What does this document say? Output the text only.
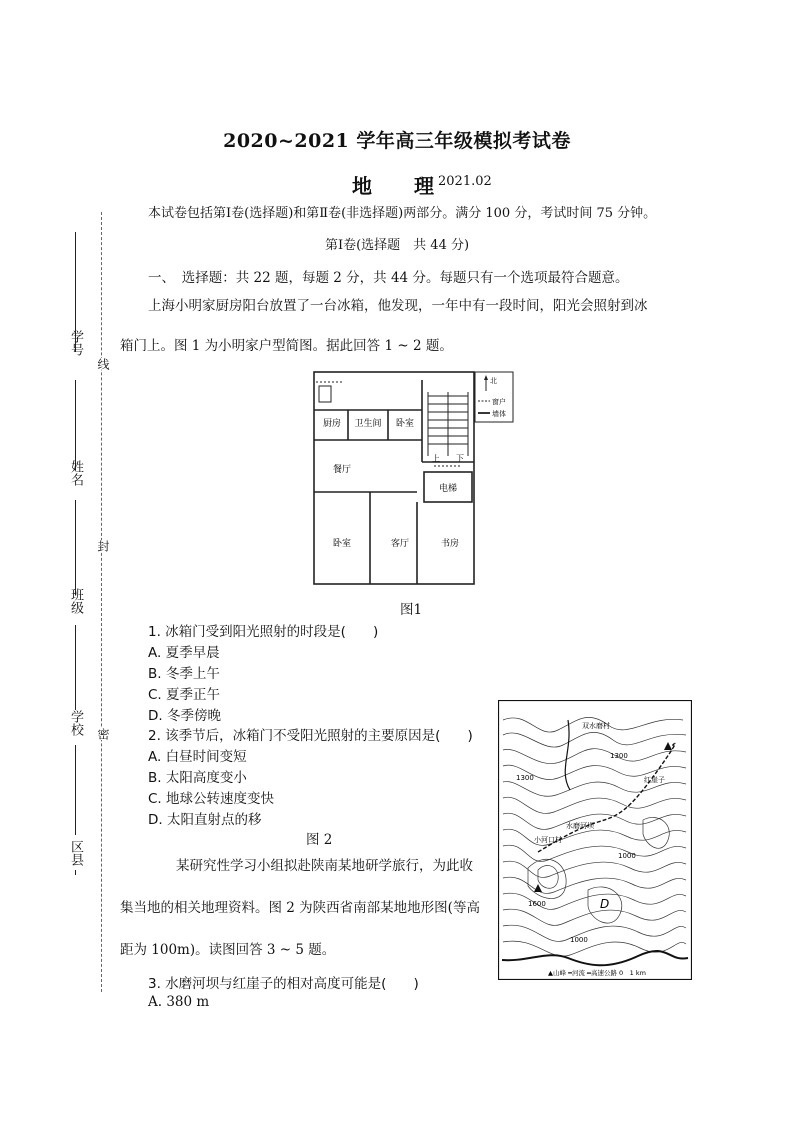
学号
姓名
班级
学校
区县
线
封
密
2020~2021 学年高三年级模拟考试卷
地 理 2021.02
本试卷包括第Ⅰ卷(选择题)和第Ⅱ卷(非选择题)两部分。满分 100 分，考试时间 75 分钟。
第Ⅰ卷(选择题　共 44 分)
一、　选择题：共 22 题，每题 2 分，共 44 分。每题只有一个选项最符合题意。
上海小明家厨房阳台放置了一台冰箱，他发现，一年中有一段时间，阳光会照射到冰
箱门上。图 1 为小明家户型简图。据此回答 1 ~ 2 题。
厨房 卫生间 卧室
餐厅
电梯
卧室	客厅	书房
上 下
北
窗户
墙体
图1
1. 冰箱门受到阳光照射的时段是(　　)
A. 夏季早晨
B. 冬季上午
C. 夏季正午
D. 冬季傍晚
2. 该季节后，冰箱门不受阳光照射的主要原因是(　　)
A. 白昼时间变短
B. 太阳高度变小
C. 地球公转速度变快
D. 太阳直射点的移
图 2
双水磨村
红崖子
水磨河坝
小河口村
D
1600
1300
1000
1000
1300
▲山峰 ━河流 ═高速公路 0　1 km
某研究性学习小组拟赴陕南某地研学旅行，为此收
集当地的相关地理资料。图 2 为陕西省南部某地地形图(等高
距为 100m)。读图回答 3 ~ 5 题。
3. 水磨河坝与红崖子的相对高度可能是(　　)
A. 380 m
